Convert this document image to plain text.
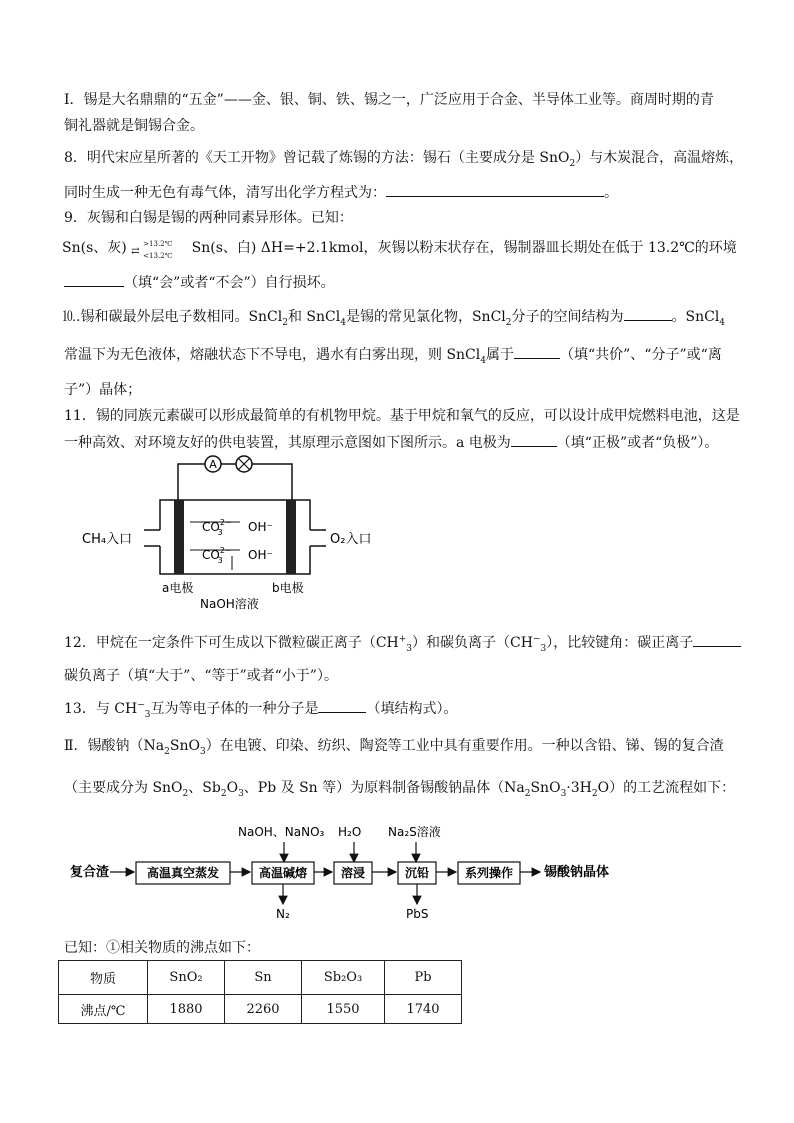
Ⅰ．锡是大名鼎鼎的“五金”——金、银、铜、铁、锡之一，广泛应用于合金、半导体工业等。商周时期的青
铜礼器就是铜锡合金。
8．明代宋应星所著的《天工开物》曾记载了炼锡的方法：锡石（主要成分是 SnO$_2$）与木炭混合，高温熔炼，
同时生成一种无色有毒气体，清写出化学方程式为：	。
9．灰锡和白锡是锡的两种同素异形体。已知：
Sn(s、灰) ⇄
>13.2℃
<13.2℃ Sn(s、白) ΔH=+2.1kmol，灰锡以粉末状存在，锡制器皿长期处在低于 13.2℃的环境
（填“会”或者“不会”）自行损坏。
⒑.锡和碳最外层电子数相同。SnCl$_2$和 SnCl$_4$是锡的常见氯化物，SnCl$_2$分子的空间结构为	。SnCl$_4$
常温下为无色液体，熔融状态下不导电，遇水有白雾出现，则 SnCl$_4$属于	（填“共价”、“分子”或“离
子”）晶体；
11．锡的同族元素碳可以形成最简单的有机物甲烷。基于甲烷和氧气的反应，可以设计成甲烷燃料电池，这是
一种高效、对环境友好的供电装置，其原理示意图如下图所示。a 电极为	（填“正极”或者“负极”）。
A
CH₄入口	O₂入口
$CO^{2-}$ 3	OH⁻
$CO^{2-}$ 3	OH⁻
a电极	b电极
NaOH溶液
12．甲烷在一定条件下可生成以下微粒碳正离子$(CH^+_3)$和碳负离子$(CH^-_3)$，比较键角：碳正离子
碳负离子（填“大于”、“等于”或者“小于”）。
13．与 $CH^-_3$互为等电子体的一种分子是	（填结构式）。
Ⅱ．锡酸钠$(Na_2SnO_3)$在电镀、印染、纺织、陶瓷等工业中具有重要作用。一种以含铅、锑、锡的复合渣
（主要成分为 SnO$_2$、$Sb_2O_3$、Pb 及 Sn 等）为原料制备锡酸钠晶体$(Na_2SnO_3\cdot 3H_2O)$的工艺流程如下：
NaOH、NaNO₃ H₂O Na₂S溶液
复合渣	高温真空蒸发	高温碱熔	溶浸	沉铅	系列操作 锡酸钠晶体
N₂	PbS
已知：①相关物质的沸点如下：
物质	SnO₂	Sn	Sb₂O₃	Pb
沸点/℃	1880	2260	1550	1740
